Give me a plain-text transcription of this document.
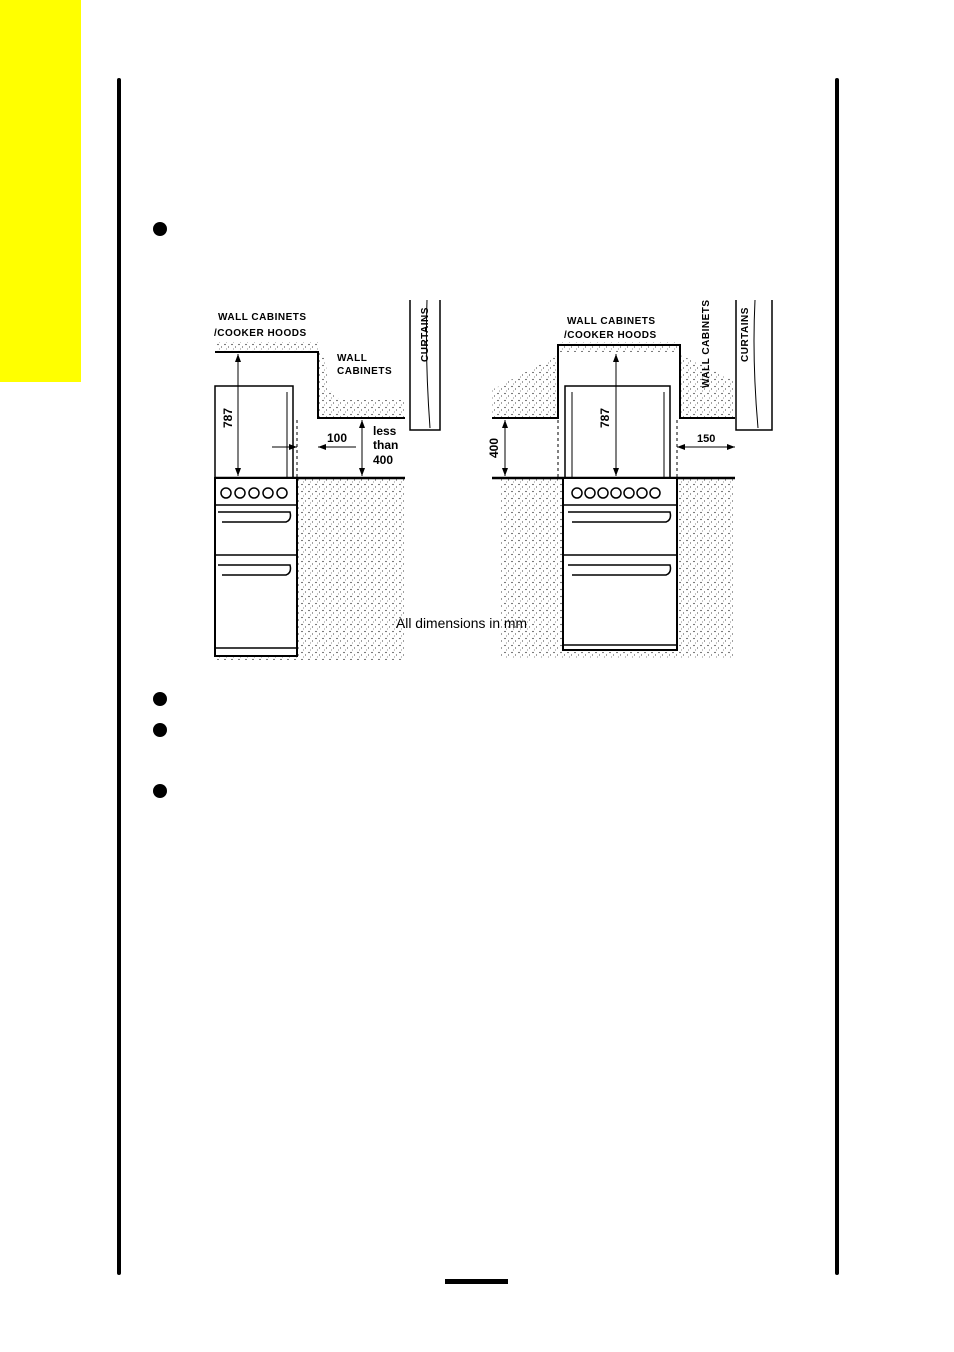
WALL CABINETS
/COOKER HOODS
WALL
CABINETS
CURTAINS
787
100 less
than
400
WALL CABINETS
/COOKER HOODS	WALL CABINETS	CURTAINS
787
400	150
All dimensions in mm
